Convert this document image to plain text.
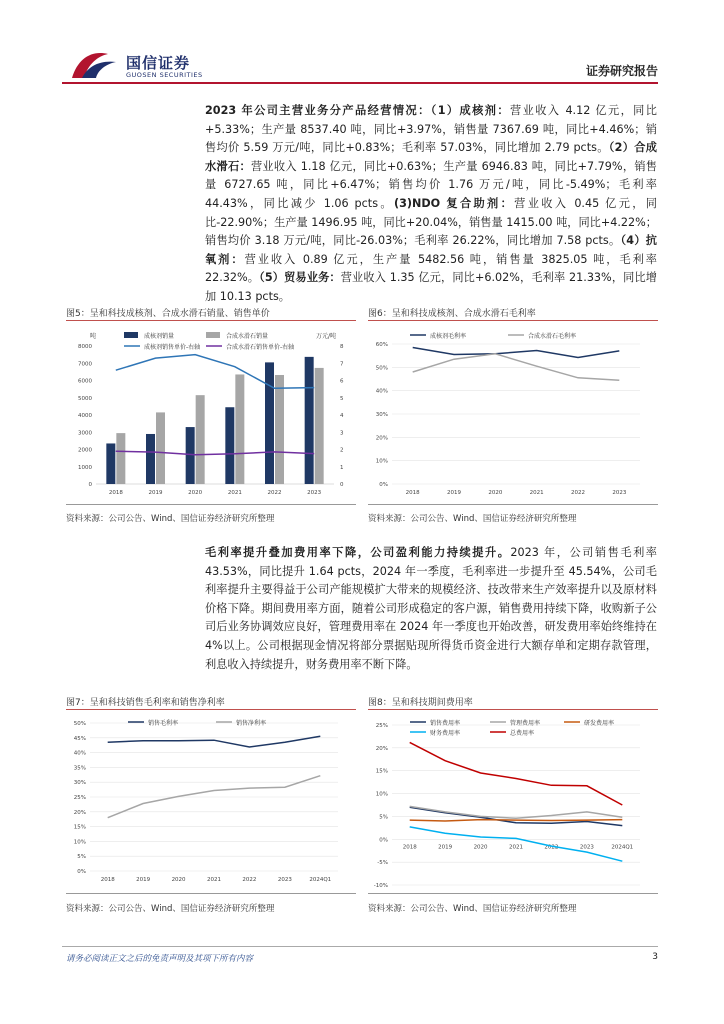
国信证券
GUOSEN SECURITIES	证券研究报告
2023 年公司主营业务分产品经营情况：（1）成核剂：营业收入 4.12 亿元，同比+5.33%；生产量 8537.40 吨，同比+3.97%，销售量 7367.69 吨，同比+4.46%；销售均价 5.59 万元/吨，同比+0.83%；毛利率 57.03%，同比增加 2.79 pcts。（2）合成水滑石：营业收入 1.18 亿元，同比+0.63%；生产量 6946.83 吨，同比+7.79%，销售量 6727.65 吨，同比+6.47%；销售均价 1.76 万元/吨，同比-5.49%；毛利率 44.43%，同比减少 1.06 pcts。(3)NDO 复合助剂：营业收入 0.45 亿元，同比-22.90%；生产量 1496.95 吨，同比+20.04%，销售量 1415.00 吨，同比+4.22%；销售均价 3.18 万元/吨，同比-26.03%；毛利率 26.22%，同比增加 7.58 pcts。（4）抗氧剂：营业收入 0.89 亿元，生产量 5482.56 吨，销售量 3825.05 吨，毛利率 22.32%。（5）贸易业务：营业收入 1.35 亿元，同比+6.02%，毛利率 21.33%，同比增加 10.13 pcts。
图5：呈和科技成核剂、合成水滑石销量、销售单价
吨	万元/吨
0
1000
2000
3000
4000
5000
6000
7000
8000
0
1
2
3
4
5
6
7
8
2018	2019	2020	2021	2022	2023
成核剂销量	合成水滑石销量
成核剂销售单价-右轴	合成水滑石销售单价-右轴
资料来源：公司公告、Wind、国信证券经济研究所整理
图6：呈和科技成核剂、合成水滑石毛利率
0%
10%
20%
30%
40%
50%
60%
2018	2019	2020	2021	2022	2023
成核剂毛利率	合成水滑石毛利率
资料来源：公司公告、Wind、国信证券经济研究所整理
毛利率提升叠加费用率下降，公司盈利能力持续提升。2023 年，公司销售毛利率 43.53%，同比提升 1.64 pcts，2024 年一季度，毛利率进一步提升至 45.54%，公司毛利率提升主要得益于公司产能规模扩大带来的规模经济、技改带来生产效率提升以及原材料价格下降。期间费用率方面，随着公司形成稳定的客户源，销售费用持续下降，收购新子公司后业务协调效应良好，管理费用率在 2024 年一季度也开始改善，研发费用率始终维持在 4%以上。公司根据现金情况将部分票据贴现所得货币资金进行大额存单和定期存款管理，利息收入持续提升，财务费用率不断下降。
图7：呈和科技销售毛利率和销售净利率
0%
5%
10%
15%
20%
25%
30%
35%
40%
45%
50%
2018	2019	2020	2021	2022	2023	2024Q1
销售毛利率	销售净利率
资料来源：公司公告、Wind、国信证券经济研究所整理
图8：呈和科技期间费用率
-10%
-5%
0%
5%
10%
15%
20%
25%
2018	2019	2020	2021	2022	2023	2024Q1
销售费用率	管理费用率	研发费用率
财务费用率	总费用率
资料来源：公司公告、Wind、国信证券经济研究所整理
请务必阅读正文之后的免责声明及其项下所有内容	3
